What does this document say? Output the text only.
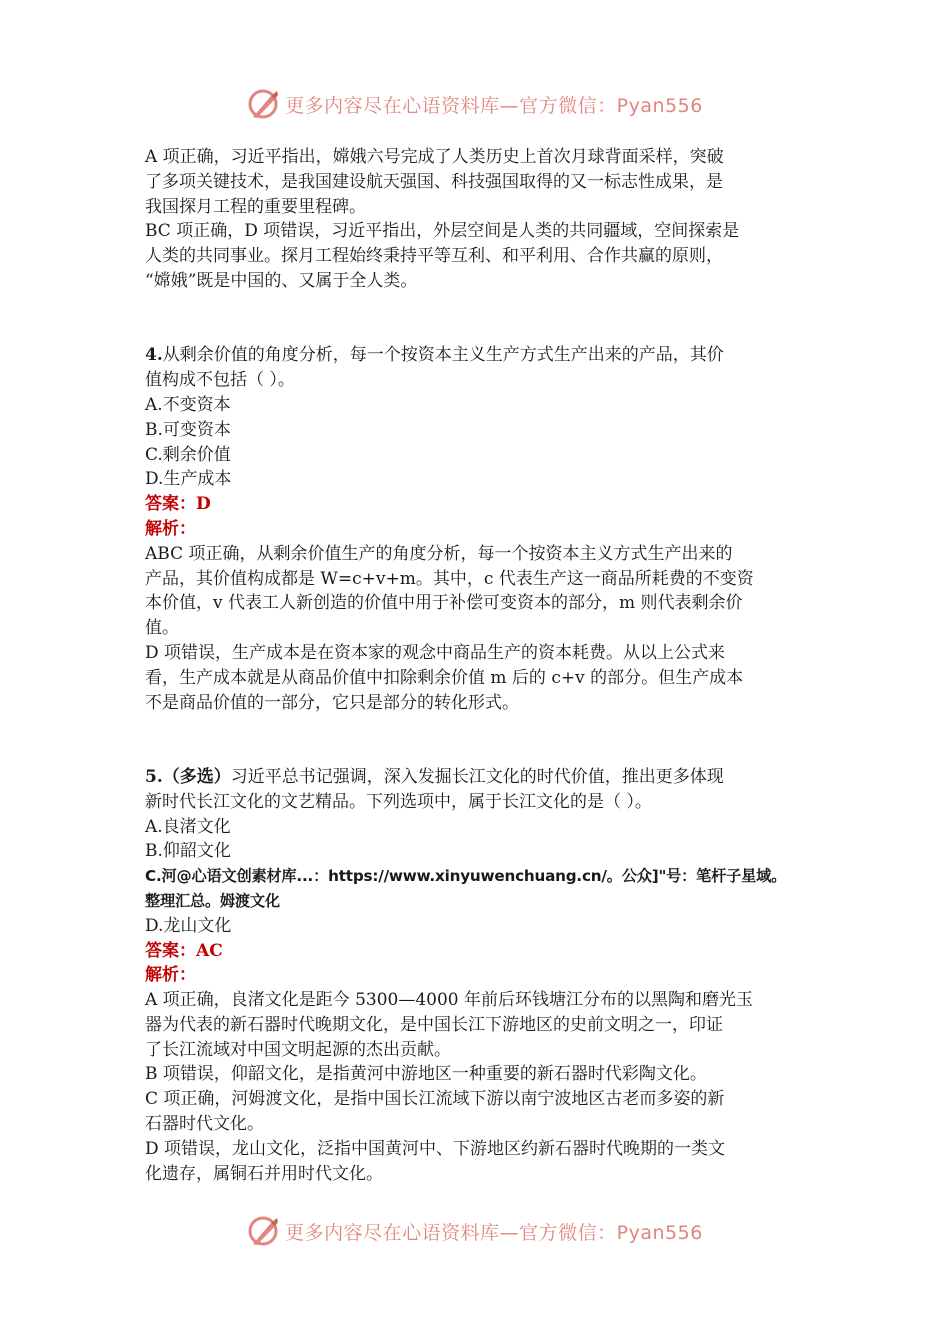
更多内容尽在心语资料库—官方微信：Pyan556

A 项正确，习近平指出，嫦娥六号完成了人类历史上首次月球背面采样，突破

了多项关键技术，是我国建设航天强国、科技强国取得的又一标志性成果，是

我国探月工程的重要里程碑。

BC 项正确，D 项错误，习近平指出，外层空间是人类的共同疆域，空间探索是

人类的共同事业。探月工程始终秉持平等互利、和平利用、合作共赢的原则，

“嫦娥”既是中国的、又属于全人类。

4.从剩余价值的角度分析，每一个按资本主义生产方式生产出来的产品，其价

值构成不包括（ ）。

A.不变资本

B.可变资本

C.剩余价值

D.生产成本

答案：D

解析：

ABC 项正确，从剩余价值生产的角度分析，每一个按资本主义方式生产出来的

产品，其价值构成都是 W=c+v+m。其中，c 代表生产这一商品所耗费的不变资

本价值，v 代表工人新创造的价值中用于补偿可变资本的部分，m 则代表剩余价

值。

D 项错误，生产成本是在资本家的观念中商品生产的资本耗费。从以上公式来

看，生产成本就是从商品价值中扣除剩余价值 m 后的 c+v 的部分。但生产成本

不是商品价值的一部分，它只是部分的转化形式。

5.（多选）习近平总书记强调，深入发掘长江文化的时代价值，推出更多体现

新时代长江文化的文艺精品。下列选项中，属于长江文化的是（ ）。

A.良渚文化

B.仰韶文化

C.河@心语文创素材库...：https://www.xinyuwenchuang.cn/。公众]"号：笔杆子星域。

整理汇总。姆渡文化

D.龙山文化

答案：AC

解析：

A 项正确，良渚文化是距今 5300—4000 年前后环钱塘江分布的以黑陶和磨光玉

器为代表的新石器时代晚期文化，是中国长江下游地区的史前文明之一，印证

了长江流域对中国文明起源的杰出贡献。

B 项错误，仰韶文化，是指黄河中游地区一种重要的新石器时代彩陶文化。

C 项正确，河姆渡文化，是指中国长江流域下游以南宁波地区古老而多姿的新

石器时代文化。

D 项错误，龙山文化，泛指中国黄河中、下游地区约新石器时代晚期的一类文

化遗存，属铜石并用时代文化。

更多内容尽在心语资料库—官方微信：Pyan556
